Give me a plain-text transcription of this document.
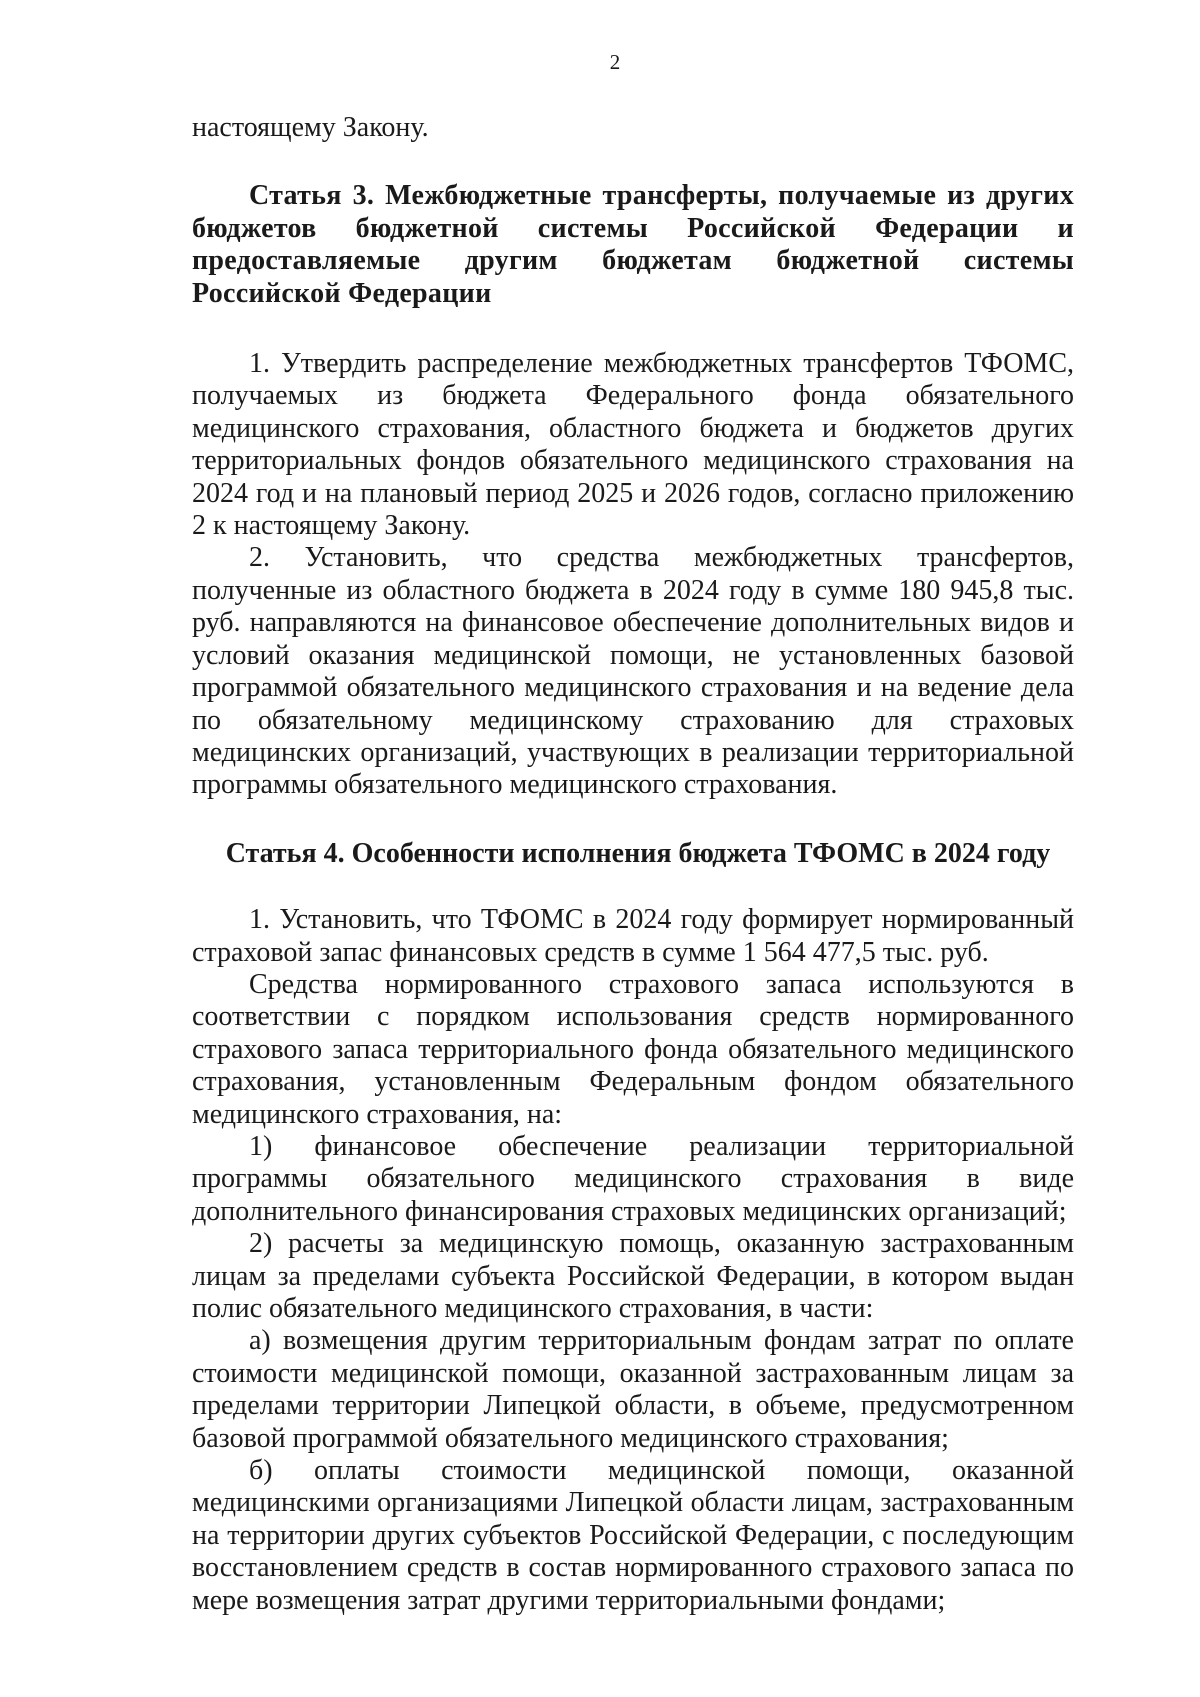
2

настоящему Закону.

Статья 3. Межбюджетные трансферты, получаемые из других бюджетов бюджетной системы Российской Федерации и предоставляемые другим бюджетам бюджетной системы Российской Федерации

1. Утвердить распределение межбюджетных трансфертов ТФОМС, получаемых из бюджета Федерального фонда обязательного медицинского страхования, областного бюджета и бюджетов других территориальных фондов обязательного медицинского страхования на 2024 год и на плановый период 2025 и 2026 годов, согласно приложению 2 к настоящему Закону.

2. Установить, что средства межбюджетных трансфертов, полученные из областного бюджета в 2024 году в сумме 180 945,8 тыс. руб. направляются на финансовое обеспечение дополнительных видов и условий оказания медицинской помощи, не установленных базовой программой обязательного медицинского страхования и на ведение дела по обязательному медицинскому страхованию для страховых медицинских организаций, участвующих в реализации территориальной программы обязательного медицинского страхования.

Статья 4. Особенности исполнения бюджета ТФОМС в 2024 году

1. Установить, что ТФОМС в 2024 году формирует нормированный страховой запас финансовых средств в сумме 1 564 477,5 тыс. руб.

Средства нормированного страхового запаса используются в соответствии с порядком использования средств нормированного страхового запаса территориального фонда обязательного медицинского страхования, установленным Федеральным фондом обязательного медицинского страхования, на:

1) финансовое обеспечение реализации территориальной программы обязательного медицинского страхования в виде дополнительного финансирования страховых медицинских организаций;

2) расчеты за медицинскую помощь, оказанную застрахованным лицам за пределами субъекта Российской Федерации, в котором выдан полис обязательного медицинского страхования, в части:

а) возмещения другим территориальным фондам затрат по оплате стоимости медицинской помощи, оказанной застрахованным лицам за пределами территории Липецкой области, в объеме, предусмотренном базовой программой обязательного медицинского страхования;

б) оплаты стоимости медицинской помощи, оказанной медицинскими организациями Липецкой области лицам, застрахованным на территории других субъектов Российской Федерации, с последующим восстановлением средств в состав нормированного страхового запаса по мере возмещения затрат другими территориальными фондами;
